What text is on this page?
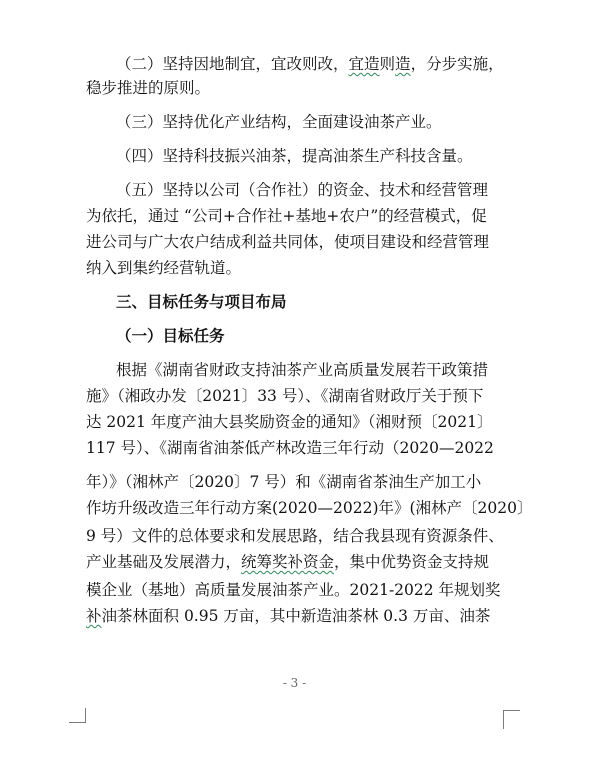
（二）坚持因地制宜，宜改则改，宜造则造，分步实施，
稳步推进的原则。
（三）坚持优化产业结构，全面建设油茶产业。
（四）坚持科技振兴油茶，提高油茶生产科技含量。
（五）坚持以公司（合作社）的资金、技术和经营管理
为依托，通过 “公司+合作社+基地+农户”的经营模式，促
进公司与广大农户结成利益共同体，使项目建设和经营管理
纳入到集约经营轨道。
三、目标任务与项目布局
（一）目标任务
根据《湖南省财政支持油茶产业高质量发展若干政策措
施》（湘政办发〔2021〕33 号）、《湖南省财政厅关于预下
达 2021 年度产油大县奖励资金的通知》（湘财预〔2021〕
117 号）、《湖南省油茶低产林改造三年行动（2020—2022
年）》（湘林产〔2020〕7 号）和《湖南省茶油生产加工小
作坊升级改造三年行动方案(2020—2022)年》(湘林产〔2020〕
9 号）文件的总体要求和发展思路，结合我县现有资源条件、
产业基础及发展潜力，统筹奖补资金，集中优势资金支持规
模企业（基地）高质量发展油茶产业。2021-2022 年规划奖
补油茶林面积 0.95 万亩，其中新造油茶林 0.3 万亩、油茶
- 3 -
